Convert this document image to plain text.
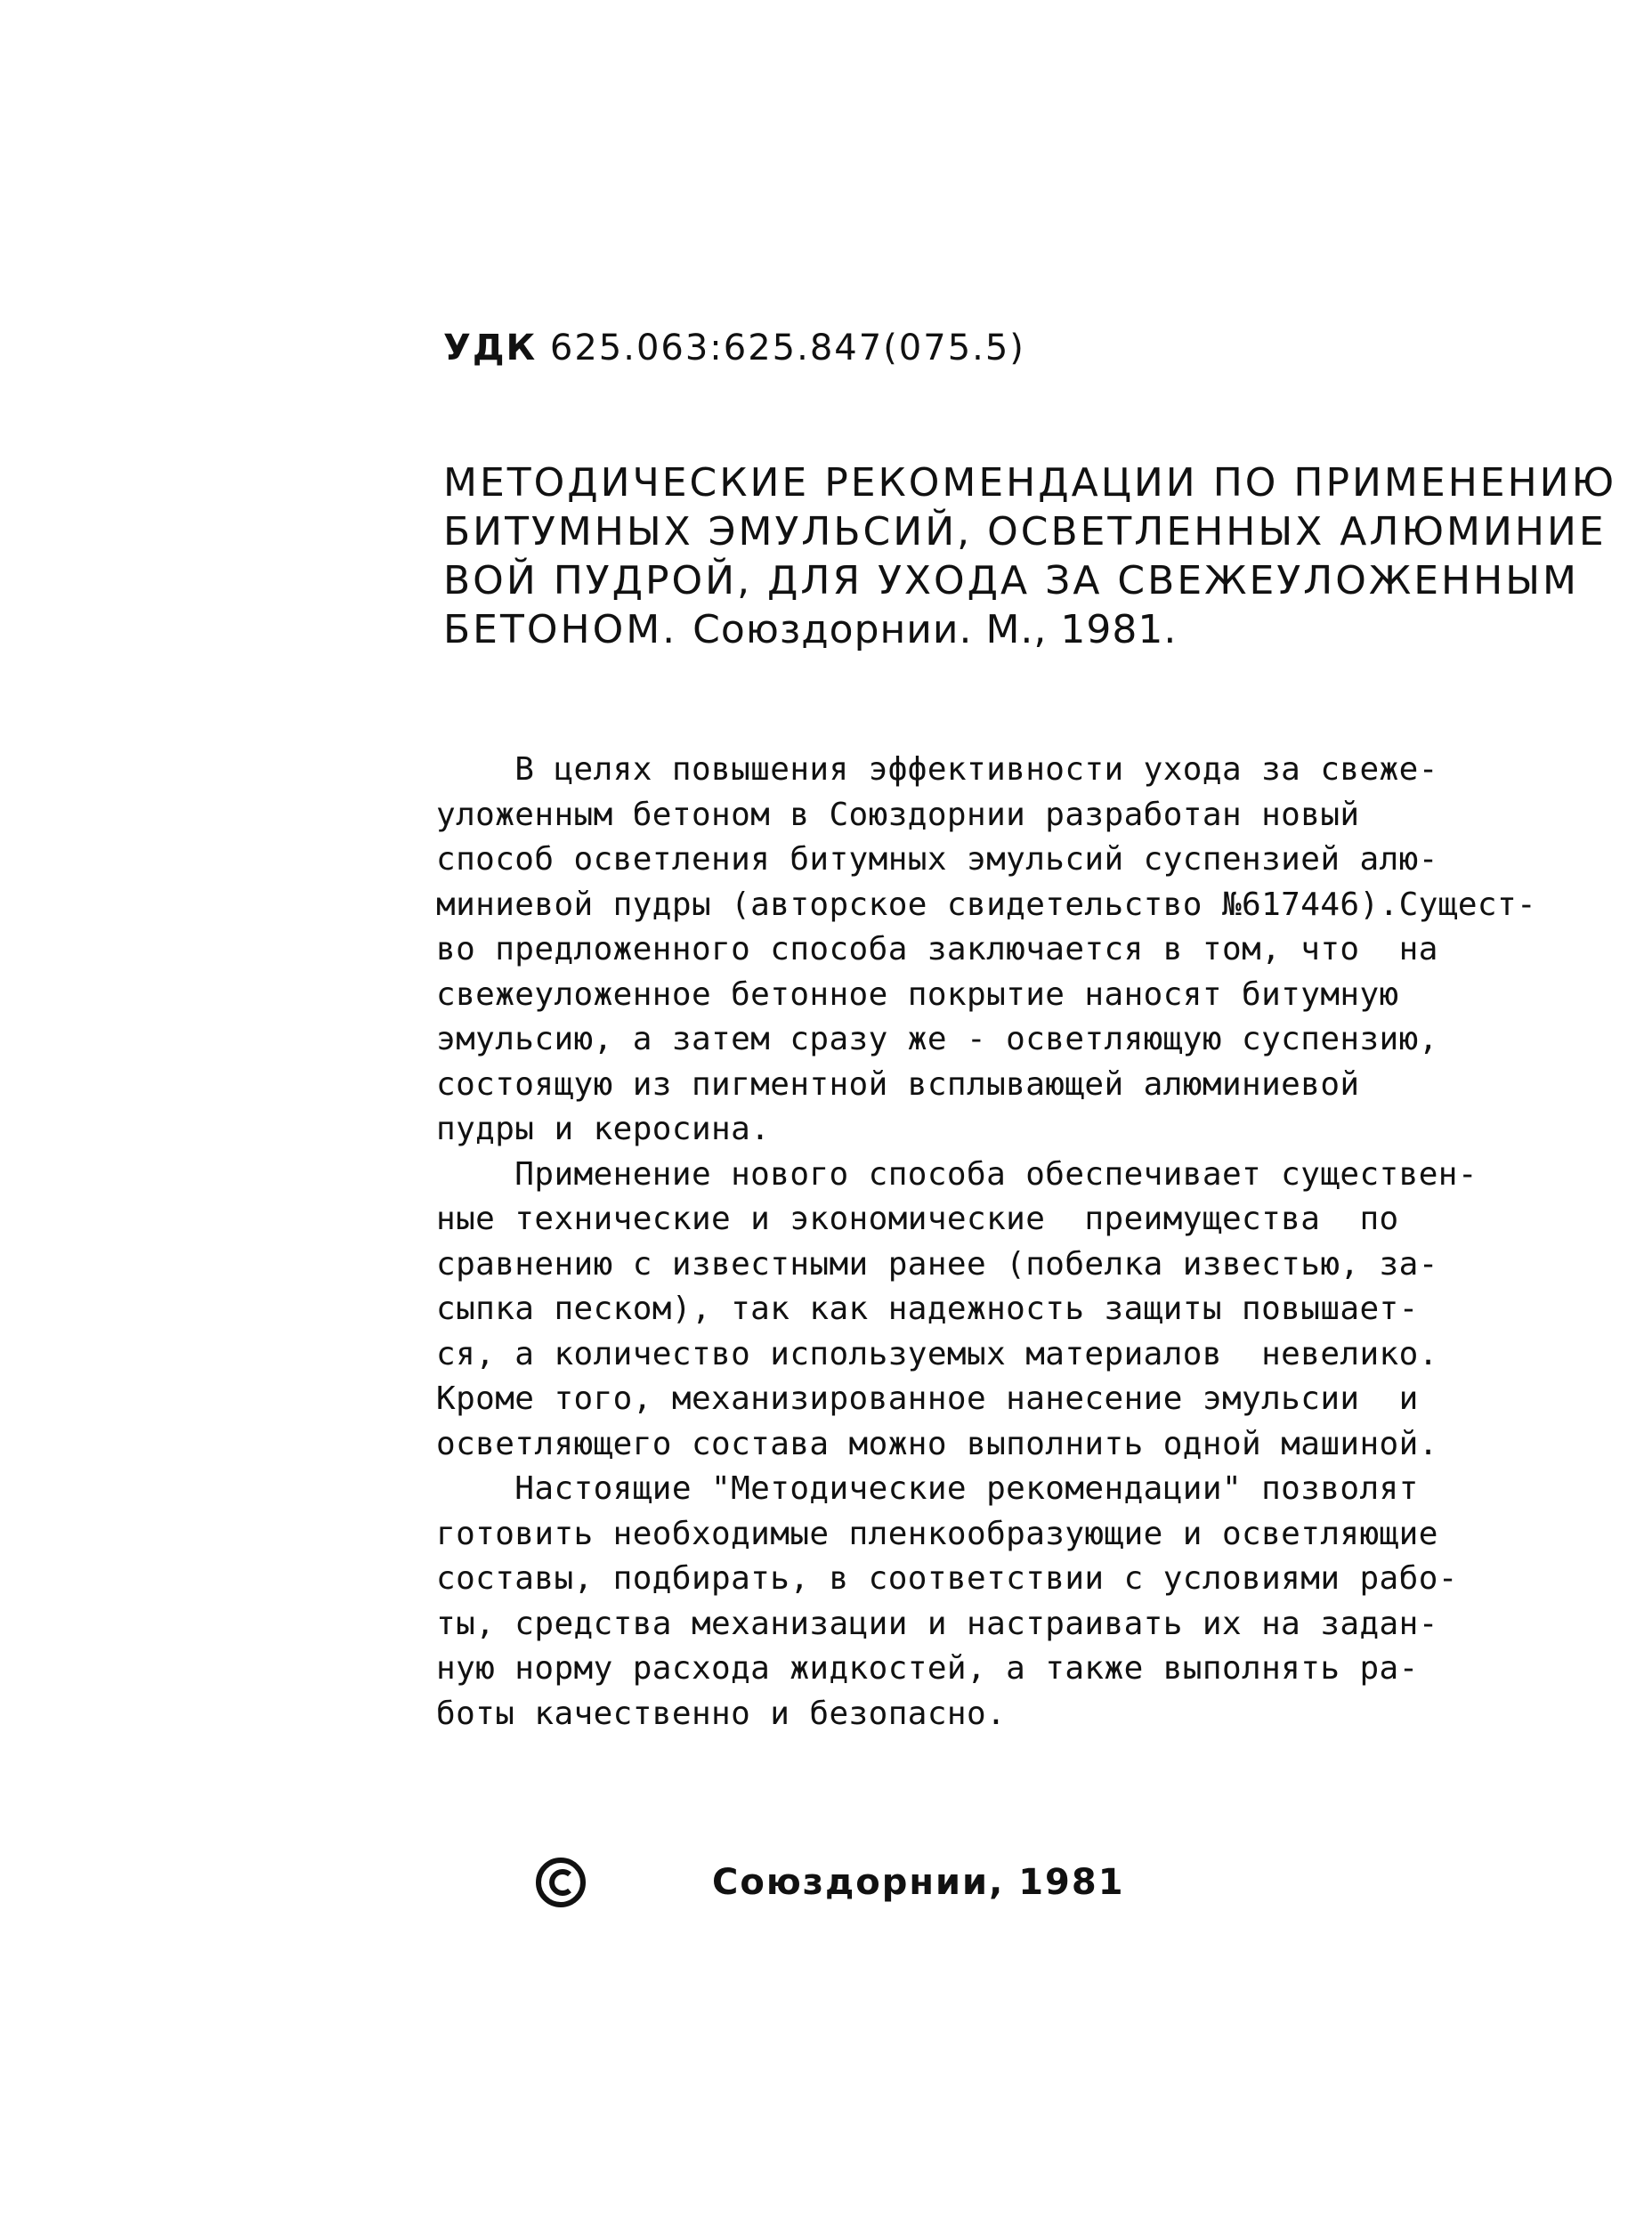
УДК 625.063:625.847(075.5)
МЕТОДИЧЕСКИЕ РЕКОМЕНДАЦИИ ПО ПРИМЕНЕНИЮ
БИТУМНЫХ ЭМУЛЬСИЙ, ОСВЕТЛЕННЫХ АЛЮМИНИЕ
ВОЙ ПУДРОЙ, ДЛЯ УХОДА ЗА СВЕЖЕУЛОЖЕННЫМ
БЕТОНОМ. Союздорнии. М., 1981.
В целях повышения эффективности ухода за свеже-
уложенным бетоном в Союздорнии разработан новый
способ осветления битумных эмульсий суспензией алю-
миниевой пудры (авторское свидетельство №617446).Сущест-
во предложенного способа заключается в том, что  на
свежеуложенное бетонное покрытие наносят битумную
эмульсию, а затем сразу же - осветляющую суспензию,
состоящую из пигментной всплывающей алюминиевой
пудры и керосина.
Применение нового способа обеспечивает существен-
ные технические и экономические  преимущества  по
сравнению с известными ранее (побелка известью, за-
сыпка песком), так как надежность защиты повышает-
ся, а количество используемых материалов  невелико.
Кроме того, механизированное нанесение эмульсии  и
осветляющего состава можно выполнить одной машиной.
Настоящие "Методические рекомендации" позволят
готовить необходимые пленкообразующие и осветляющие
составы, подбирать, в соответствии с условиями рабо-
ты, средства механизации и настраивать их на задан-
ную норму расхода жидкостей, а также выполнять ра-
боты качественно и безопасно.
Союздорнии, 1981
